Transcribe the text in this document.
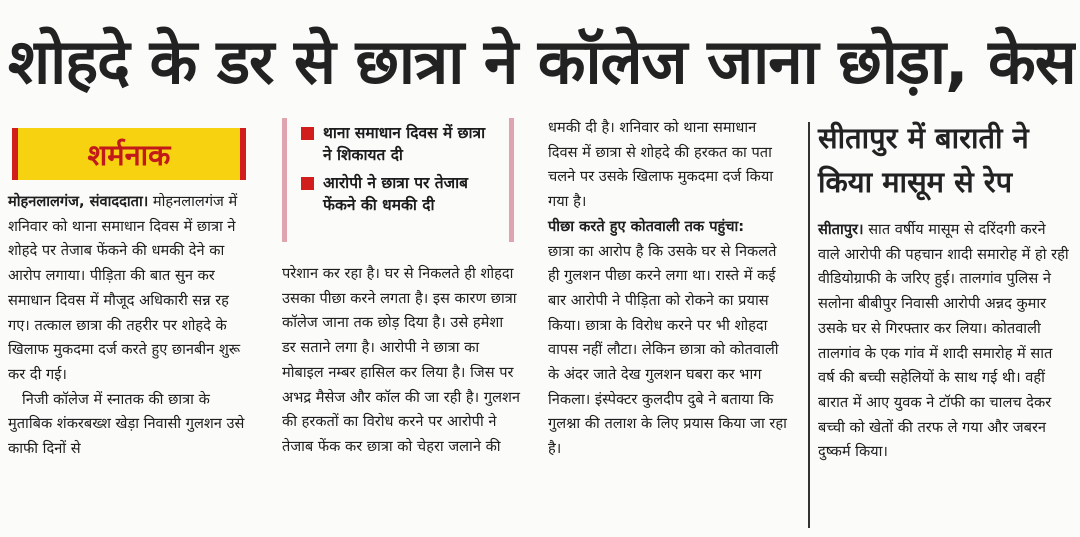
शोहदे के डर से छात्रा ने कॉलेज जाना छोड़ा, केस
शर्मनाक

मोहनलालगंज, संवाददाता। मोहनलालगंज में शनिवार को थाना समाधान दिवस में छात्रा ने शोहदे पर तेजाब फेंकने की धमकी देने का आरोप लगाया। पीड़िता की बात सुन कर समाधान दिवस में मौजूद अधिकारी सन्न रह गए। तत्काल छात्रा की तहरीर पर शोहदे के खिलाफ मुकदमा दर्ज करते हुए छानबीन शुरू कर दी गई।

निजी कॉलेज में स्नातक की छात्रा के मुताबिक शंकरबख्श खेड़ा निवासी गुलशन उसे काफी दिनों से

थाना समाधान दिवस में छात्रा ने शिकायत दी
आरोपी ने छात्रा पर तेजाब फेंकने की धमकी दी

परेशान कर रहा है। घर से निकलते ही शोहदा उसका पीछा करने लगता है। इस कारण छात्रा कॉलेज जाना तक छोड़ दिया है। उसे हमेशा डर सताने लगा है। आरोपी ने छात्रा का मोबाइल नम्बर हासिल कर लिया है। जिस पर अभद्र मैसेज और कॉल की जा रही है। गुलशन की हरकतों का विरोध करने पर आरोपी ने तेजाब फेंक कर छात्रा को चेहरा जलाने की

धमकी दी है। शनिवार को थाना समाधान दिवस में छात्रा से शोहदे की हरकत का पता चलने पर उसके खिलाफ मुकदमा दर्ज किया गया है।

पीछा करते हुए कोतवाली तक पहुंचा:
छात्रा का आरोप है कि उसके घर से निकलते ही गुलशन पीछा करने लगा था। रास्ते में कई बार आरोपी ने पीड़िता को रोकने का प्रयास किया। छात्रा के विरोध करने पर भी शोहदा वापस नहीं लौटा। लेकिन छात्रा को कोतवाली के अंदर जाते देख गुलशन घबरा कर भाग निकला। इंस्पेक्टर कुलदीप दुबे ने बताया कि गुलश्ना की तलाश के लिए प्रयास किया जा रहा है।

सीतापुर में बाराती ने किया मासूम से रेप

सीतापुर। सात वर्षीय मासूम से दरिंदगी करने वाले आरोपी की पहचान शादी समारोह में हो रही वीडियोग्राफी के जरिए हुई। तालगांव पुलिस ने सलोना बीबीपुर निवासी आरोपी अन्नद कुमार उसके घर से गिरफ्तार कर लिया। कोतवाली तालगांव के एक गांव में शादी समारोह में सात वर्ष की बच्ची सहेलियों के साथ गई थी। वहीं बारात में आए युवक ने टॉफी का चालच देकर बच्ची को खेतों की तरफ ले गया और जबरन दुष्कर्म किया।
